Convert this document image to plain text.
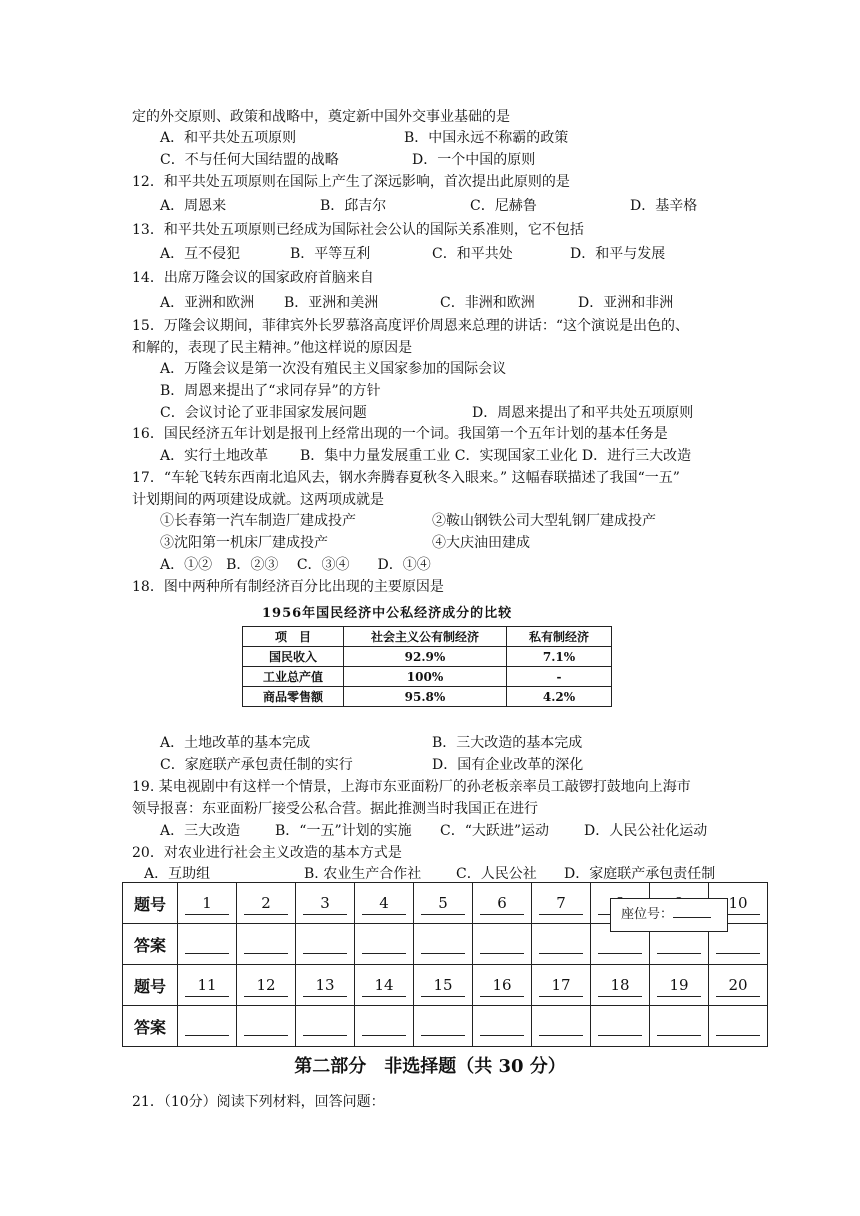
定的外交原则、政策和战略中，奠定新中国外交事业基础的是
A．和平共处五项原则	B．中国永远不称霸的政策
C．不与任何大国结盟的战略	D．一个中国的原则
12．和平共处五项原则在国际上产生了深远影响，首次提出此原则的是
A．周恩来	B．邱吉尔	C．尼赫鲁	D．基辛格
13．和平共处五项原则已经成为国际社会公认的国际关系准则，它不包括
A．互不侵犯	B．平等互利	C．和平共处	D．和平与发展
14．出席万隆会议的国家政府首脑来自
A．亚洲和欧洲 B．亚洲和美洲	C．非洲和欧洲	D．亚洲和非洲
15．万隆会议期间，菲律宾外长罗慕洛高度评价周恩来总理的讲话：“这个演说是出色的、
和解的，表现了民主精神。”他这样说的原因是
A．万隆会议是第一次没有殖民主义国家参加的国际会议
B．周恩来提出了“求同存异”的方针
C．会议讨论了亚非国家发展问题	D．周恩来提出了和平共处五项原则
16．国民经济五年计划是报刊上经常出现的一个词。我国第一个五年计划的基本任务是
A．实行土地改革 B．集中力量发展重工业 C．实现国家工业化 D．进行三大改造
17．“车轮飞转东西南北追风去，钢水奔腾春夏秋冬入眼来。” 这幅春联描述了我国“一五”
计划期间的两项建设成就。这两项成就是
①长春第一汽车制造厂建成投产	②鞍山钢铁公司大型轧钢厂建成投产
③沈阳第一机床厂建成投产	④大庆油田建成
A．①②　B．②③　 C．③④　　D．①④
18．图中两种所有制经济百分比出现的主要原因是
1956年国民经济中公私经济成分的比较
项　目	社会主义公有制经济	私有制经济
国民收入	92.9%	7.1%
工业总产值	100%	-
商品零售额	95.8%	4.2%
A．土地改革的基本完成	B．三大改造的基本完成
C．家庭联产承包责任制的实行	D．国有企业改革的深化
19. 某电视剧中有这样一个情景，上海市东亚面粉厂的孙老板亲率员工敲锣打鼓地向上海市
领导报喜：东亚面粉厂接受公私合营。据此推测当时我国正在进行
A．三大改造 B．“一五”计划的实施 C．“大跃进”运动 D．人民公社化运动
20．对农业进行社会主义改造的基本方式是
A．互助组	B. 农业生产合作社 C．人民公社 D．家庭联产承包责任制
题号	1	2	3	4	5	6	7			10
答案										
题号	11	12	13	14	15	16	17	18	19	20
答案										
座位号：
第二部分　非选择题（共 30 分）
21．（10分）阅读下列材料，回答问题：
